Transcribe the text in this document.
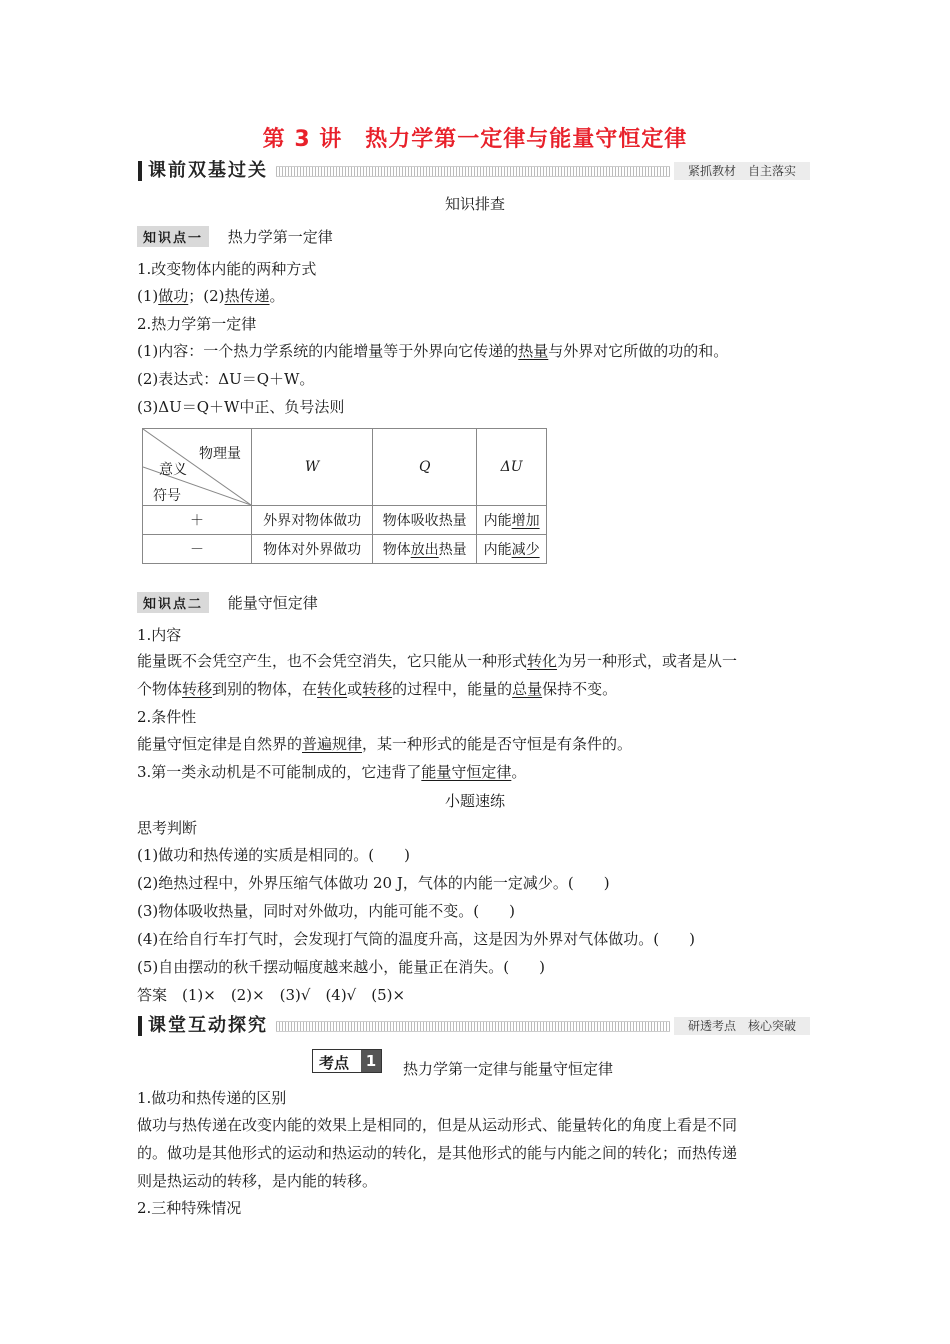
第 3 讲　热力学第一定律与能量守恒定律
课前双基过关	紧抓教材　自主落实
知识排查
知识点一 热力学第一定律
1.改变物体内能的两种方式
(1)做功；(2)热传递。
2.热力学第一定律
(1)内容：一个热力学系统的内能增量等于外界向它传递的热量与外界对它所做的功的和。
(2)表达式：ΔU＝Q＋W。
(3)ΔU＝Q＋W中正、负号法则
物理量
意义
符号	W	Q	ΔU
＋	外界对物体做功	物体吸收热量	内能增加
－	物体对外界做功	物体放出热量	内能减少
知识点二 能量守恒定律
1.内容
能量既不会凭空产生，也不会凭空消失，它只能从一种形式转化为另一种形式，或者是从一
个物体转移到别的物体，在转化或转移的过程中，能量的总量保持不变。
2.条件性
能量守恒定律是自然界的普遍规律，某一种形式的能是否守恒是有条件的。
3.第一类永动机是不可能制成的，它违背了能量守恒定律。
小题速练
思考判断
(1)做功和热传递的实质是相同的。(　　)
(2)绝热过程中，外界压缩气体做功 20 J，气体的内能一定减少。(　　)
(3)物体吸收热量，同时对外做功，内能可能不变。(　　)
(4)在给自行车打气时，会发现打气筒的温度升高，这是因为外界对气体做功。(　　)
(5)自由摆动的秋千摆动幅度越来越小，能量正在消失。(　　)
答案　(1)×　(2)×　(3)√　(4)√　(5)×
课堂互动探究	研透考点　核心突破
考点	1	热力学第一定律与能量守恒定律
1.做功和热传递的区别
做功与热传递在改变内能的效果上是相同的，但是从运动形式、能量转化的角度上看是不同
的。做功是其他形式的运动和热运动的转化，是其他形式的能与内能之间的转化；而热传递
则是热运动的转移，是内能的转移。
2.三种特殊情况
